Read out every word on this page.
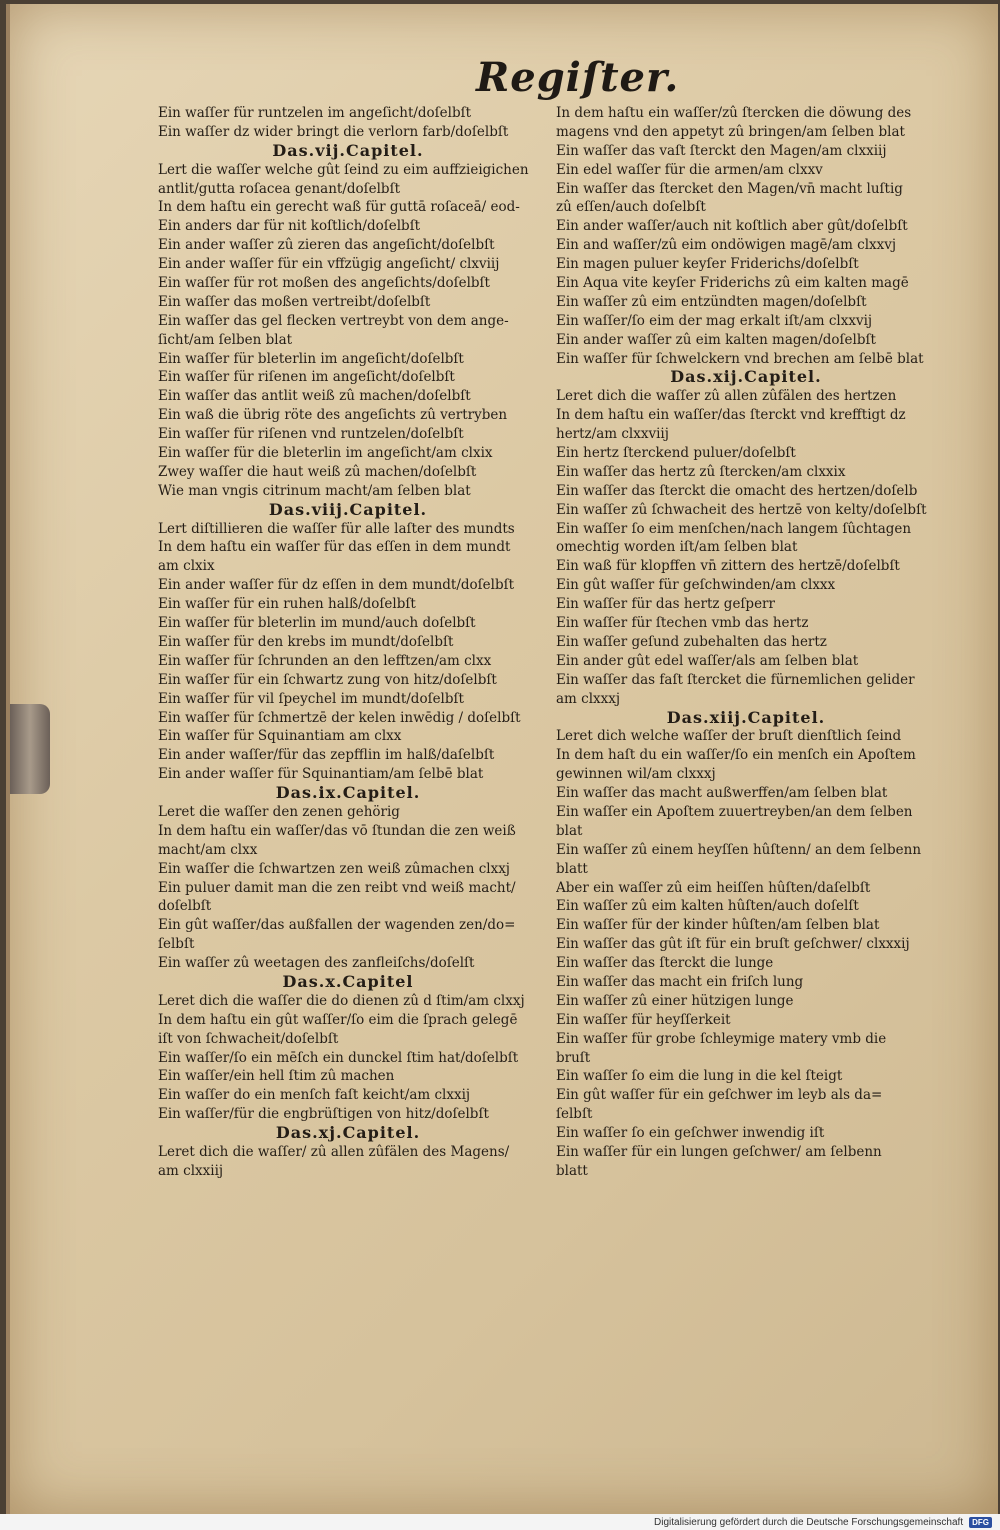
Regiſter.
Ein waſſer für runtzelen im angeſicht/doſelbſt
Ein waſſer dz wider bringt die verlorn farb/doſelbſt
Das.vij.Capitel.
Lert die waſſer welche gût ſeind zu eim auffzieigichen
antlit/gutta roſacea genant/doſelbſt
In dem haſtu ein gerecht waß für guttā roſaceā/ eod-
Ein anders dar für nit koſtlich/doſelbſt
Ein ander waſſer zû zieren das angeſicht/doſelbſt
Ein ander waſſer für ein vffzügig angeſicht/ clxviij
Ein waſſer für rot moßen des angeſichts/doſelbſt
Ein waſſer das moßen vertreibt/doſelbſt
Ein waſſer das gel flecken vertreybt von dem ange-
ſicht/am ſelben blat
Ein waſſer für bleterlin im angeſicht/doſelbſt
Ein waſſer für riſenen im angeſicht/doſelbſt
Ein waſſer das antlit weiß zû machen/doſelbſt
Ein waß die übrig röte des angeſichts zû vertryben
Ein waſſer für riſenen vnd runtzelen/doſelbſt
Ein waſſer für die bleterlin im angeſicht/am clxix
Zwey waſſer die haut weiß zû machen/doſelbſt
Wie man vngis citrinum macht/am ſelben blat
Das.viij.Capitel.
Lert diſtillieren die waſſer für alle laſter des mundts
In dem haſtu ein waſſer für das eſſen in dem mundt
am clxix
Ein ander waſſer für dz eſſen in dem mundt/doſelbſt
Ein waſſer für ein ruhen halß/doſelbſt
Ein waſſer für bleterlin im mund/auch doſelbſt
Ein waſſer für den krebs im mundt/doſelbſt
Ein waſſer für ſchrunden an den lefftzen/am clxx
Ein waſſer für ein ſchwartz zung von hitz/doſelbſt
Ein waſſer für vil ſpeychel im mundt/doſelbſt
Ein waſſer für ſchmertzē der kelen inwēdig / doſelbſt
Ein waſſer für Squinantiam am clxx
Ein ander waſſer/für das zepfflin im halß/daſelbſt
Ein ander waſſer für Squinantiam/am ſelbē blat
Das.ix.Capitel.
Leret die waſſer den zenen gehörig
In dem haſtu ein waſſer/das vō ſtundan die zen weiß
macht/am clxx
Ein waſſer die ſchwartzen zen weiß zûmachen clxxj
Ein puluer damit man die zen reibt vnd weiß macht/
doſelbſt
Ein gût waſſer/das außfallen der wagenden zen/do=
ſelbſt
Ein waſſer zû weetagen des zanfleiſchs/doſelſt
Das.x.Capitel
Leret dich die waſſer die do dienen zû d ſtim/am clxxj
In dem haſtu ein gût waſſer/ſo eim die ſprach gelegē
iſt von ſchwacheit/doſelbſt
Ein waſſer/ſo ein mēſch ein dunckel ſtim hat/doſelbſt
Ein waſſer/ein hell ſtim zû machen
Ein waſſer do ein menſch faſt keicht/am clxxij
Ein waſſer/für die engbrüſtigen von hitz/doſelbſt
Das.xj.Capitel.
Leret dich die waſſer/ zû allen zûfälen des Magens/
am clxxiij
In dem haſtu ein waſſer/zû ſtercken die döwung des
magens vnd den appetyt zû bringen/am ſelben blat
Ein waſſer das vaſt ſterckt den Magen/am clxxiij
Ein edel waſſer für die armen/am clxxv
Ein waſſer das ſtercket den Magen/vn̄ macht luſtig
zû eſſen/auch doſelbſt
Ein ander waſſer/auch nit koſtlich aber gût/doſelbſt
Ein and waſſer/zû eim ondöwigen magē/am clxxvj
Ein magen puluer keyſer Friderichs/doſelbſt
Ein Aqua vite keyſer Friderichs zû eim kalten magē
Ein waſſer zû eim entzündten magen/doſelbſt
Ein waſſer/ſo eim der mag erkalt iſt/am clxxvij
Ein ander waſſer zû eim kalten magen/doſelbſt
Ein waſſer für ſchwelckern vnd brechen am ſelbē blat
Das.xij.Capitel.
Leret dich die waſſer zû allen zûfälen des hertzen
In dem haſtu ein waſſer/das ſterckt vnd krefftigt dz
hertz/am clxxviij
Ein hertz ſterckend puluer/doſelbſt
Ein waſſer das hertz zû ſtercken/am clxxix
Ein waſſer das ſterckt die omacht des hertzen/doſelb
Ein waſſer zû ſchwacheit des hertzē von kelty/doſelbſt
Ein waſſer ſo eim menſchen/nach langem ſûchtagen
omechtig worden iſt/am ſelben blat
Ein waß für klopffen vn̄ zittern des hertzē/doſelbſt
Ein gût waſſer für geſchwinden/am clxxx
Ein waſſer für das hertz geſperr
Ein waſſer für ſtechen vmb das hertz
Ein waſſer geſund zubehalten das hertz
Ein ander gût edel waſſer/als am ſelben blat
Ein waſſer das faſt ſtercket die fürnemlichen gelider
am clxxxj
Das.xiij.Capitel.
Leret dich welche waſſer der bruſt dienſtlich ſeind
In dem haſt du ein waſſer/ſo ein menſch ein Apoſtem
gewinnen wil/am clxxxj
Ein waſſer das macht außwerffen/am ſelben blat
Ein waſſer ein Apoſtem zuuertreyben/an dem ſelben
blat
Ein waſſer zû einem heyſſen hûſtenn/ an dem ſelbenn
blatt
Aber ein waſſer zû eim heiſſen hûſten/daſelbſt
Ein waſſer zû eim kalten hûſten/auch doſelſt
Ein waſſer für der kinder hûſten/am ſelben blat
Ein waſſer das gût iſt für ein bruſt geſchwer/ clxxxij
Ein waſſer das ſterckt die lunge
Ein waſſer das macht ein friſch lung
Ein waſſer zû einer hützigen lunge
Ein waſſer für heyſſerkeit
Ein waſſer für grobe ſchleymige matery vmb die
bruſt
Ein waſſer ſo eim die lung in die kel ſteigt
Ein gût waſſer für ein geſchwer im leyb als da=
ſelbſt
Ein waſſer ſo ein geſchwer inwendig iſt
Ein waſſer für ein lungen geſchwer/ am ſelbenn
blatt
Digitalisierung gefördert durch die Deutsche Forschungsgemeinschaft	DFG
